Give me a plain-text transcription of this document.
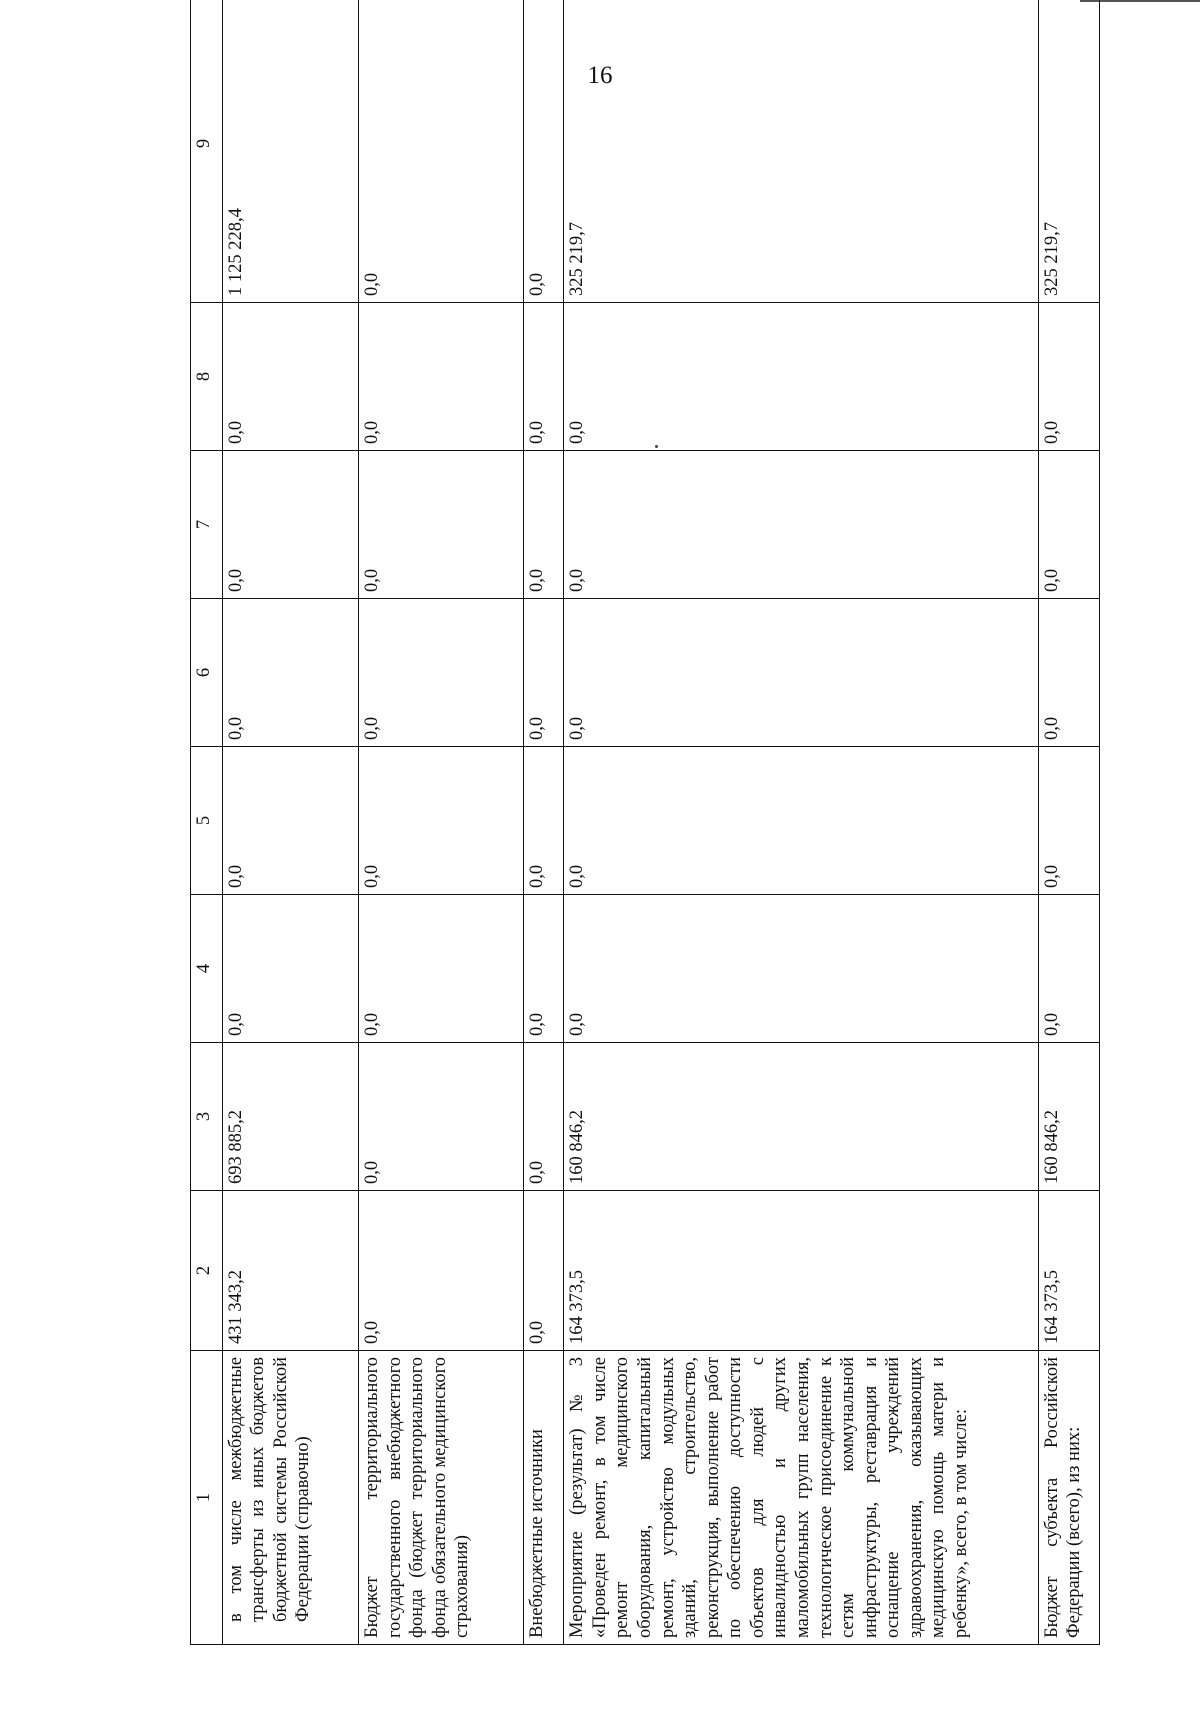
16
1	2	3	4	5	6	7	8	9
в том числе межбюджетные трансферты из иных бюджетов бюджетной системы Российской Федерации (справочно)	431 343,2	693 885,2	0,0	0,0	0,0	0,0	0,0	1 125 228,4
Бюджет территориального государственного внебюджетного фонда (бюджет территориального фонда обязательного медицинского страхования)	0,0	0,0	0,0	0,0	0,0	0,0	0,0	0,0
Внебюджетные источники	0,0	0,0	0,0	0,0	0,0	0,0	0,0	0,0
Мероприятие (результат) № 3 «Проведен ремонт, в том числе ремонт медицинского оборудования, капитальный ремонт, устройство модульных зданий, строительство, реконструкция, выполнение работ по обеспечению доступности объектов для людей с инвалидностью и других маломобильных групп населения, технологическое присоединение к сетям коммунальной инфраструктуры, реставрация и оснащение учреждений здравоохранения, оказывающих медицинскую помощь матери и ребенку», всего, в том числе:	164 373,5	160 846,2	0,0	0,0	0,0	0,0	0,0	325 219,7
Бюджет субъекта Российской Федерации (всего), из них:	164 373,5	160 846,2	0,0	0,0	0,0	0,0	0,0	325 219,7
